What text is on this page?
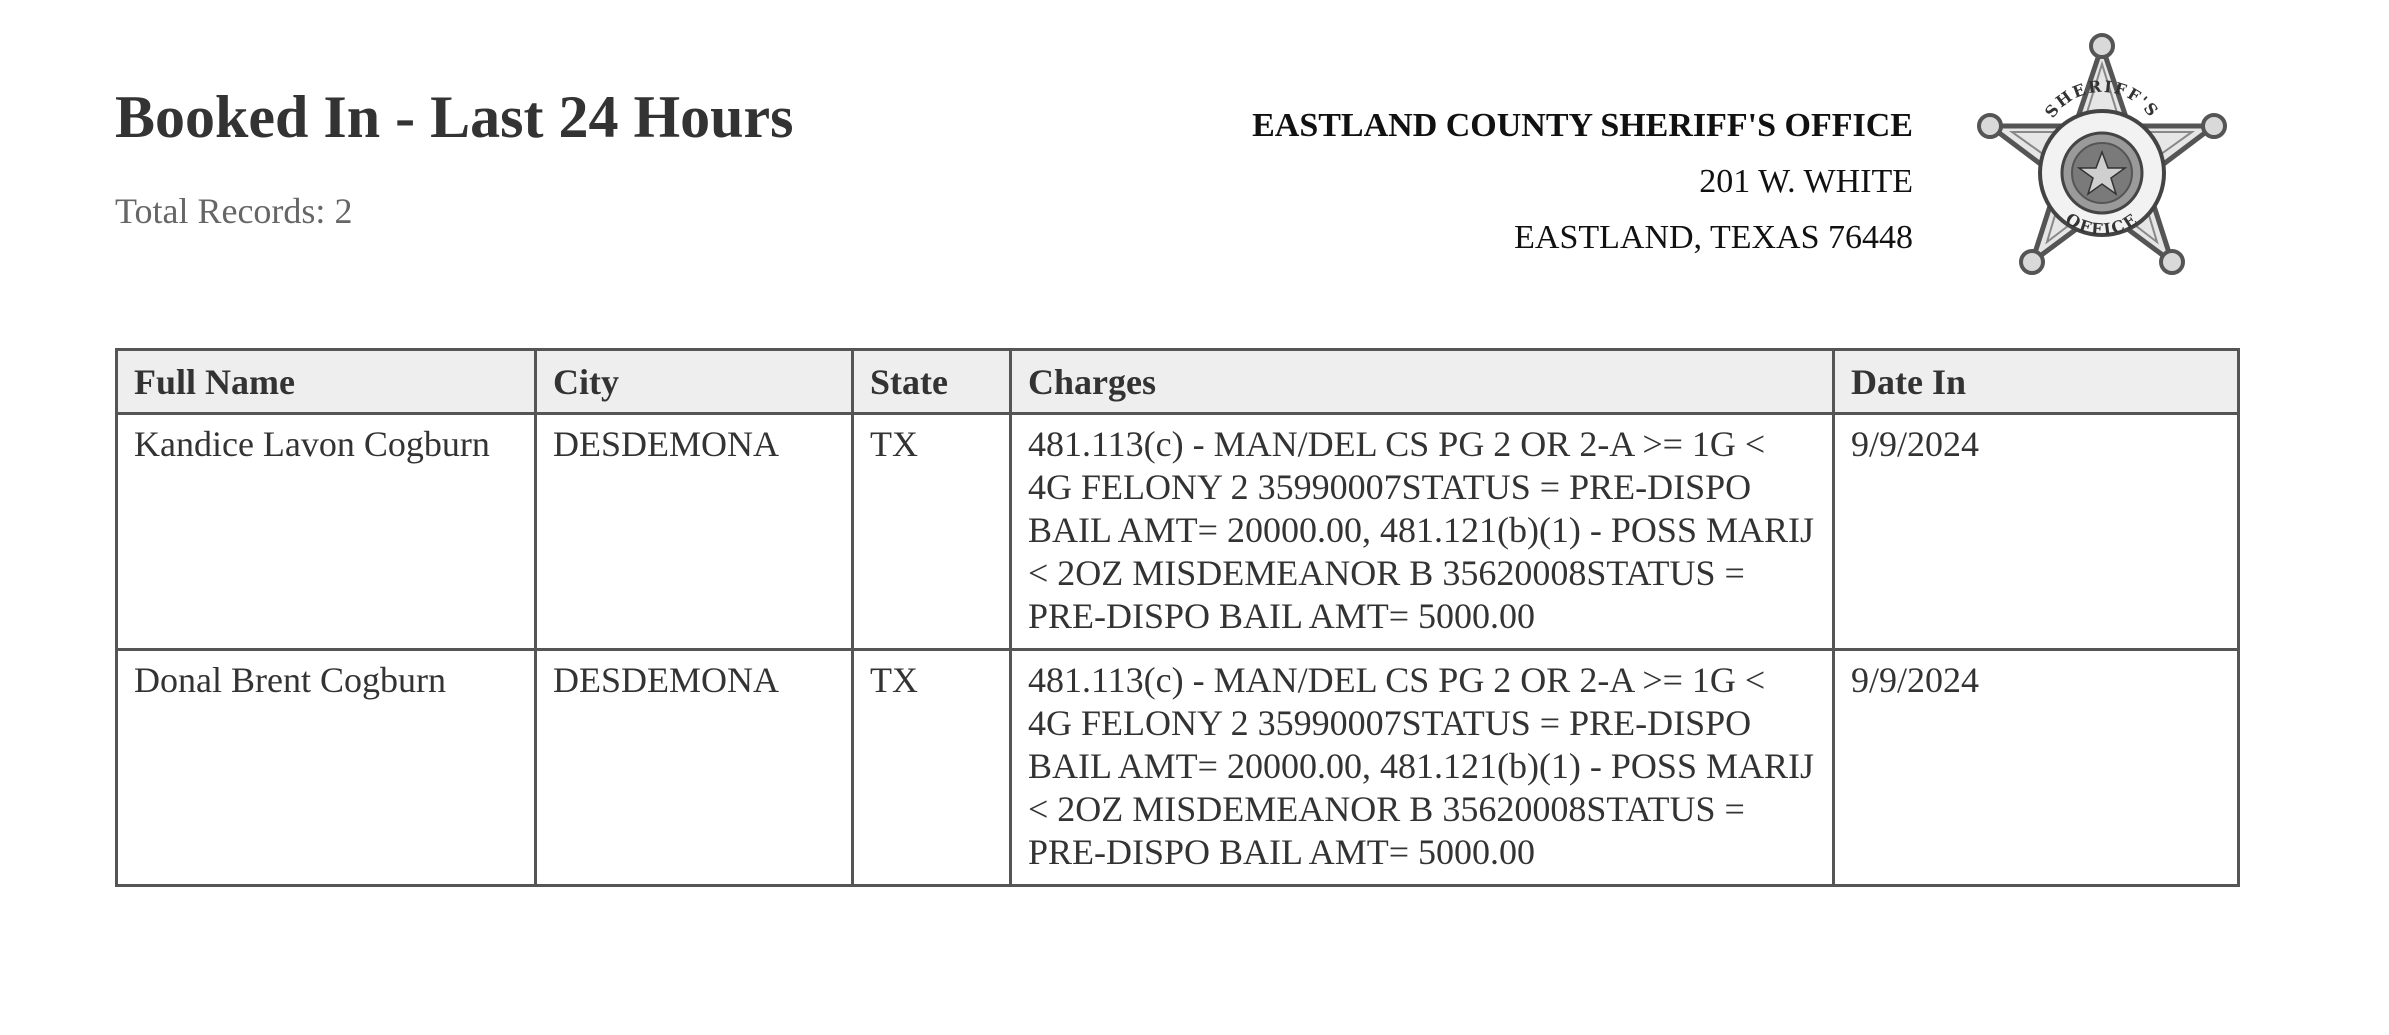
Booked In - Last 24 Hours
Total Records: 2
EASTLAND COUNTY SHERIFF'S OFFICE
201 W. WHITE
EASTLAND, TEXAS 76448
SHERIFF'S
OFFICE
Full Name	City	State	Charges	Date In
Kandice Lavon Cogburn	DESDEMONA	TX	481.113(c) - MAN/DEL CS PG 2 OR 2-A >= 1G < 4G FELONY 2 35990007STATUS = PRE-DISPO BAIL AMT= 20000.00, 481.121(b)(1) - POSS MARIJ < 2OZ MISDEMEANOR B 35620008STATUS = PRE-DISPO BAIL AMT= 5000.00	9/9/2024
Donal Brent Cogburn	DESDEMONA	TX	481.113(c) - MAN/DEL CS PG 2 OR 2-A >= 1G < 4G FELONY 2 35990007STATUS = PRE-DISPO BAIL AMT= 20000.00, 481.121(b)(1) - POSS MARIJ < 2OZ MISDEMEANOR B 35620008STATUS = PRE-DISPO BAIL AMT= 5000.00	9/9/2024
